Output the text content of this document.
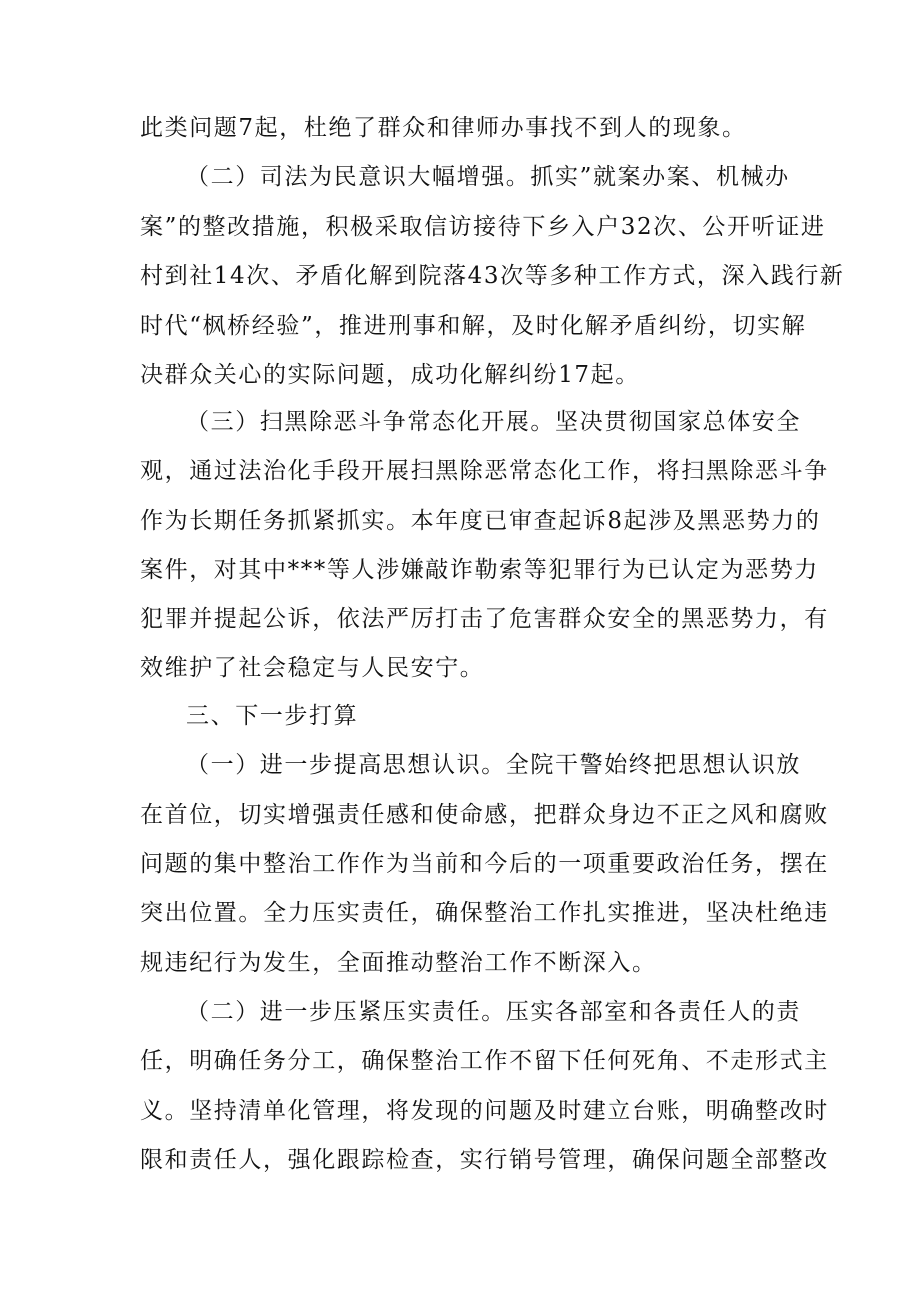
此类问题7起，杜绝了群众和律师办事找不到人的现象。
（二）司法为民意识大幅增强。抓实”就案办案、机械办
案”的整改措施，积极采取信访接待下乡入户32次、公开听证进
村到社14次、矛盾化解到院落43次等多种工作方式，深入践行新
时代“枫桥经验”，推进刑事和解，及时化解矛盾纠纷，切实解
决群众关心的实际问题，成功化解纠纷17起。
（三）扫黑除恶斗争常态化开展。坚决贯彻国家总体安全
观，通过法治化手段开展扫黑除恶常态化工作，将扫黑除恶斗争
作为长期任务抓紧抓实。本年度已审查起诉8起涉及黑恶势力的
案件，对其中***等人涉嫌敲诈勒索等犯罪行为已认定为恶势力
犯罪并提起公诉，依法严厉打击了危害群众安全的黑恶势力，有
效维护了社会稳定与人民安宁。
三、下一步打算
（一）进一步提高思想认识。全院干警始终把思想认识放
在首位，切实增强责任感和使命感，把群众身边不正之风和腐败
问题的集中整治工作作为当前和今后的一项重要政治任务，摆在
突出位置。全力压实责任，确保整治工作扎实推进，坚决杜绝违
规违纪行为发生，全面推动整治工作不断深入。
（二）进一步压紧压实责任。压实各部室和各责任人的责
任，明确任务分工，确保整治工作不留下任何死角、不走形式主
义。坚持清单化管理，将发现的问题及时建立台账，明确整改时
限和责任人，强化跟踪检查，实行销号管理，确保问题全部整改
